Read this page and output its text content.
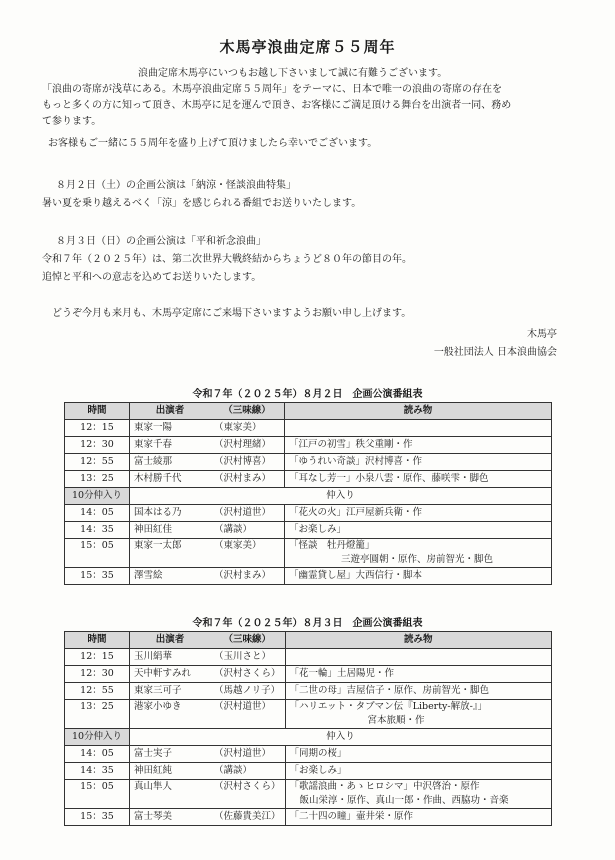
木馬亭浪曲定席５５周年
浪曲定席木馬亭にいつもお越し下さいまして誠に有難うございます。
「浪曲の寄席が浅草にある。木馬亭浪曲定席５５周年」をテーマに、日本で唯一の浪曲の寄席の存在を
もっと多くの方に知って頂き、木馬亭に足を運んで頂き、お客様にご満足頂ける舞台を出演者一同、務め
て参ります。
お客様もご一緒に５５周年を盛り上げて頂けましたら幸いでございます。
８月２日（土）の企画公演は「納涼・怪談浪曲特集」
暑い夏を乗り越えるべく「涼」を感じられる番組でお送りいたします。
８月３日（日）の企画公演は「平和祈念浪曲」
令和７年（２０２５年）は、第二次世界大戦終結からちょうど８０年の節目の年。
追悼と平和への意志を込めてお送りいたします。
どうぞ今月も来月も、木馬亭定席にご来場下さいますようお願い申し上げます。
木馬亭
一般社団法人 日本浪曲協会
令和７年（２０２５年）８月２日　企画公演番組表
時間	出演者	（三味線）	読み物
12：15	東家一陽	（東家美）	
12：30	東家千春	（沢村理緒）	「江戸の初雪」秩父重剛・作
12：55	富士綾那	（沢村博喜）	「ゆうれい奇談」沢村博喜・作
13：25	木村勝千代	（沢村まみ）	「耳なし芳一」小泉八雲・原作、藤咲雫・脚色
10分仲入り	仲入り		
14：05	国本はる乃	（沢村道世）	「花火の火」江戸屋新兵衛・作
14：35	神田紅佳	（講談）	「お楽しみ」
15：05	東家一太郎	（東家美）	「怪談　牡丹燈籠」
三遊亭圓朝・原作、房前智光・脚色

15：35	澤雪絵	（沢村まみ）	「幽霊貸し屋」大西信行・脚本
令和７年（２０２５年）８月３日　企画公演番組表
時間	出演者	（三味線）	読み物
12：15	玉川絹華	（玉川さと）	
12：30	天中軒すみれ	（沢村さくら）	「花一輪」土居陽児・作
12：55	東家三可子	（馬越ノリ子）	「二世の母」吉屋信子・原作、房前智光・脚色
13：25	港家小ゆき	（沢村道世）	「ハリエット・タブマン伝『Liberty-解放-』」
宮本旅順・作

10分仲入り	仲入り		
14：05	富士実子	（沢村道世）	「同期の桜」
14：35	神田紅純	（講談）	「お楽しみ」
15：05	真山隼人	（沢村さくら）	「歌謡浪曲・あゝヒロシマ」中沢啓治・原作
飯山栄淳・原作、真山一郎・作曲、西脇功・音楽

15：35	富士琴美	（佐藤貴美江）	「二十四の瞳」壷井栄・原作
